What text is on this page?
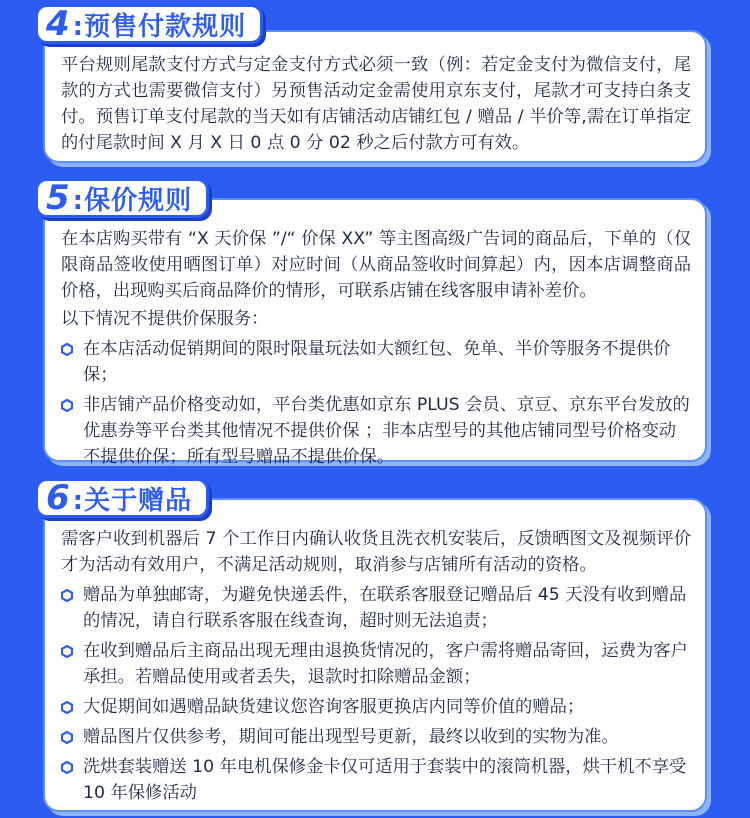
平台规则尾款支付方式与定金支付方式必须一致（例：若定金支付为微信支付，尾款的方式也需要微信支付）另预售活动定金需使用京东支付，尾款才可支持白条支付。预售订单支付尾款的当天如有店铺活动店铺红包 / 赠品 / 半价等,需在订单指定的付尾款时间 X 月 X 日 0 点 0 分 02 秒之后付款方可有效。

4 :预售付款规则

在本店购买带有 “X 天价保 ”/“ 价保 XX” 等主图高级广告词的商品后，下单的（仅限商品签收使用晒图订单）对应时间（从商品签收时间算起）内，因本店调整商品价格，出现购买后商品降价的情形，可联系店铺在线客服申请补差价。

以下情况不提供价保服务：

在本店活动促销期间的限时限量玩法如大额红包、免单、半价等服务不提供价保；
非店铺产品价格变动如，平台类优惠如京东 PLUS 会员、京豆、京东平台发放的优惠券等平台类其他情况不提供价保 ；非本店型号的其他店铺同型号价格变动不提供价保；所有型号赠品不提供价保。
5 :保价规则

需客户收到机器后 7 个工作日内确认收货且洗衣机安装后，反馈晒图文及视频评价才为活动有效用户，不满足活动规则，取消参与店铺所有活动的资格。

赠品为单独邮寄，为避免快递丢件，在联系客服登记赠品后 45 天没有收到赠品的情况，请自行联系客服在线查询，超时则无法追责；
在收到赠品后主商品出现无理由退换货情况的，客户需将赠品寄回，运费为客户承担。若赠品使用或者丢失，退款时扣除赠品金额；
大促期间如遇赠品缺货建议您咨询客服更换店内同等价值的赠品；
赠品图片仅供参考，期间可能出现型号更新，最终以收到的实物为准。
洗烘套装赠送 10 年电机保修金卡仅可适用于套装中的滚筒机器，烘干机不享受 10 年保修活动
6 :关于赠品
